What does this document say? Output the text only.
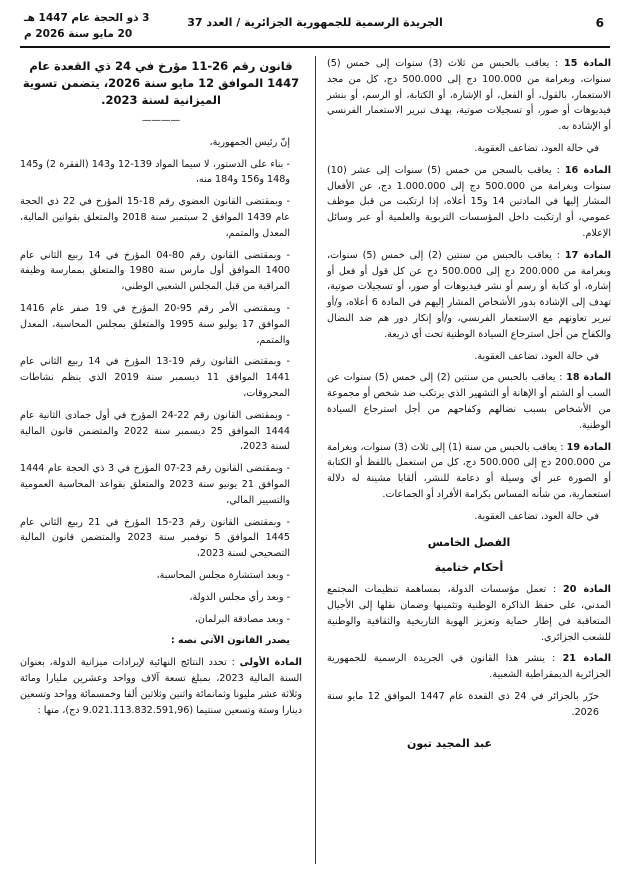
3 ذو الحجة عام 1447 هـ
20 مايو سنة 2026 م
الجريدة الرسمية للجمهورية الجزائرية / العدد 37	6

المادة 15 : يعاقب بالحبس من ثلاث (3) سنوات إلى خمس (5) سنوات، وبغرامة من 100.000 دج إلى 500.000 دج، كل من مجد الاستعمار، بالقول، أو الفعل، أو الإشارة، أو الكتابة، أو الرسم، أو بنشر فيديوهات أو صور، أو تسجيلات صوتية، بهدف تبرير الاستعمار الفرنسي أو الإشادة به.

في حالة العود، تضاعف العقوبة.

المادة 16 : يعاقب بالسجن من خمس (5) سنوات إلى عشر (10) سنوات وبغرامة من 500.000 دج إلى 1.000.000 دج، عن الأفعال المشار إليها في المادتين 14 و15 أعلاه، إذا ارتكبت من قبل موظف عمومي، أو ارتكبت داخل المؤسسات التربوية والعلمية أو عبر وسائل الإعلام.

المادة 17 : يعاقب بالحبس من سنتين (2) إلى خمس (5) سنوات، وبغرامة من 200.000 دج إلى 500.000 دج عن كل قول أو فعل أو إشارة، أو كتابة أو رسم أو نشر فيديوهات أو صور، أو تسجيلات صوتية، تهدف إلى الإشادة بدور الأشخاص المشار إليهم في المادة 6 أعلاه، و/أو تبرير تعاونهم مع الاستعمار الفرنسي، و/أو إنكار دور هم ضد النضال والكفاح من أجل استرجاع السيادة الوطنية تحت أي ذريعة.

في حالة العود، تضاعف العقوبة.

المادة 18 : يعاقب بالحبس من سنتين (2) إلى خمس (5) سنوات عن السب أو الشتم أو الإهانة أو التشهير الذي يرتكب ضد شخص أو مجموعة من الأشخاص بسبب نضالهم وكفاحهم من أجل استرجاع السيادة الوطنية.

المادة 19 : يعاقب بالحبس من سنة (1) إلى ثلاث (3) سنوات، وبغرامة من 200.000 دج إلى 500.000 دج، كل من استعمل باللفظ أو الكتابة أو الصورة عبر أي وسيلة أو دعامة للنشر، ألقابا مشينة له دلالة استعمارية، من شأنه المساس بكرامة الأفراد أو الجماعات.

في حالة العود، تضاعف العقوبة.

الفصل الخامس
أحكام ختامية

المادة 20 : تعمل مؤسسات الدولة، بمساهمة تنظيمات المجتمع المدني، على حفظ الذاكرة الوطنية وتثمينها وضمان نقلها إلى الأجيال المتعاقبة في إطار حماية وتعزيز الهوية التاريخية والثقافية والوطنية للشعب الجزائري.

المادة 21 : ينشر هذا القانون في الجريدة الرسمية للجمهورية الجزائرية الديمقراطية الشعبية.

حرّر بالجزائر في 24 ذي القعدة عام 1447 الموافق 12 مايو سنة 2026.

عبد المجيد تبون
قانون رقم 26-11 مؤرخ في 24 ذي القعدة عام 1447 الموافق 12 مايو سنة 2026، يتضمن تسوية الميزانية لسنة 2023.
————

إنّ رئيس الجمهورية،

- بناء على الدستور، لا سيما المواد 139-12 و143 (الفقرة 2) و145 و148 و156 و184 منه،

- وبمقتضى القانون العضوي رقم 18-15 المؤرخ في 22 ذي الحجة عام 1439 الموافق 2 سبتمبر سنة 2018 والمتعلق بقوانين المالية، المعدل والمتمم،

- وبمقتضى القانون رقم 80-04 المؤرخ في 14 ربيع الثاني عام 1400 الموافق أول مارس سنة 1980 والمتعلق بممارسة وظيفة المراقبة من قبل المجلس الشعبي الوطني،

- وبمقتضى الأمر رقم 95-20 المؤرخ في 19 صفر عام 1416 الموافق 17 يوليو سنة 1995 والمتعلق بمجلس المحاسبة، المعدل والمتمم،

- وبمقتضى القانون رقم 19-13 المؤرخ في 14 ربيع الثاني عام 1441 الموافق 11 ديسمبر سنة 2019 الذي ينظم نشاطات المحروقات،

- وبمقتضى القانون رقم 22-24 المؤرخ في أول جمادى الثانية عام 1444 الموافق 25 ديسمبر سنة 2022 والمتضمن قانون المالية لسنة 2023،

- وبمقتضى القانون رقم 23-07 المؤرخ في 3 ذي الحجة عام 1444 الموافق 21 يونيو سنة 2023 والمتعلق بقواعد المحاسبة العمومية والتسيير المالي،

- وبمقتضى القانون رقم 23-15 المؤرخ في 21 ربيع الثاني عام 1445 الموافق 5 نوفمبر سنة 2023 والمتضمن قانون المالية التصحيحي لسنة 2023،

- وبعد استشارة مجلس المحاسبة،

- وبعد رأي مجلس الدولة،

- وبعد مصادقة البرلمان،

يصدر القانون الآتي نصه :

المادة الأولى : تحدد النتائج النهائية لإيرادات ميزانية الدولة، بعنوان السنة المالية 2023، بمبلغ تسعة آلاف وواحد وعشرين مليارا ومائة وثلاثة عشر مليونا وثمانمائة واثنين وثلاثين ألفا وخمسمائة وواحد وتسعين دينارا وستة وتسعين سنتيما (9.021.113.832.591,96 دج)، منها :
